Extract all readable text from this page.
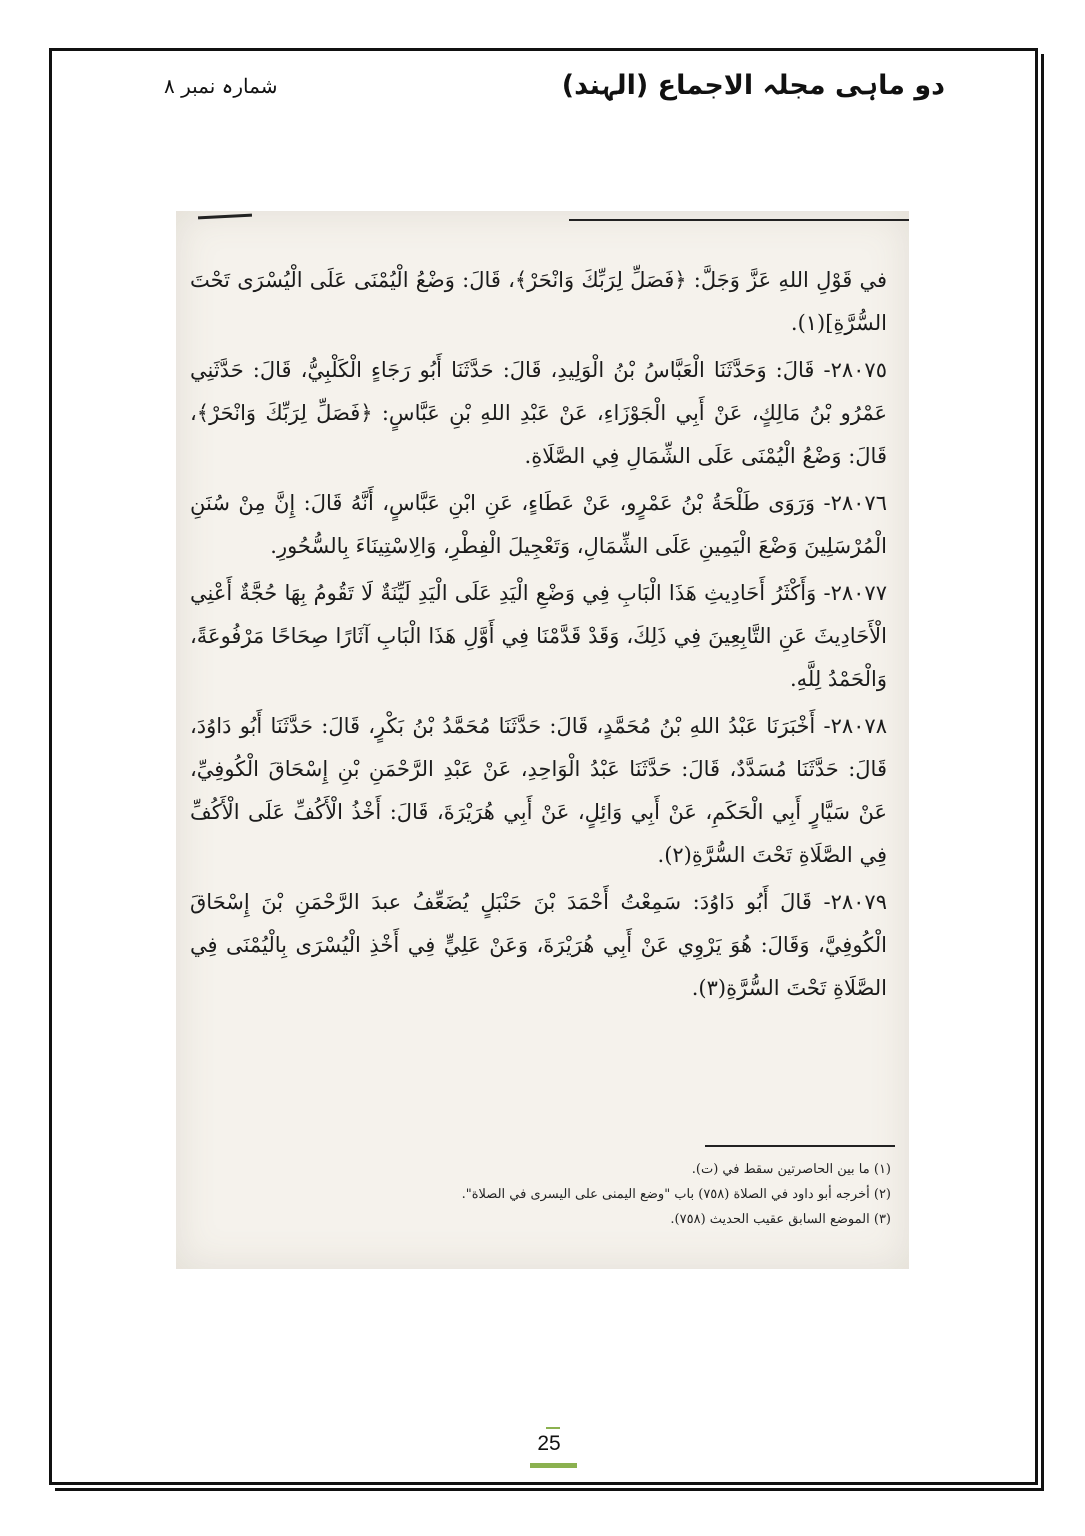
دو ماہی مجلہ الاجماع (الہند)
شمارہ نمبر ۸

في قَوْلِ اللهِ عَزَّ وَجَلَّ: ﴿فَصَلِّ لِرَبِّكَ وَانْحَرْ﴾، قَالَ: وَضْعُ الْيُمْنَى عَلَى الْيُسْرَى تَحْتَ السُّرَّةِ](١).

٢٨٠٧٥- قَالَ: وَحَدَّثَنَا الْعَبَّاسُ بْنُ الْوَلِيدِ، قَالَ: حَدَّثَنَا أَبُو رَجَاءٍ الْكَلْبِيُّ، قَالَ: حَدَّثَنِي عَمْرُو بْنُ مَالِكٍ، عَنْ أَبِي الْجَوْزَاءِ، عَنْ عَبْدِ اللهِ بْنِ عَبَّاسٍ: ﴿فَصَلِّ لِرَبِّكَ وَانْحَرْ﴾، قَالَ: وَضْعُ الْيُمْنَى عَلَى الشِّمَالِ فِي الصَّلَاةِ.

٢٨٠٧٦- وَرَوَى طَلْحَةُ بْنُ عَمْرٍو، عَنْ عَطَاءٍ، عَنِ ابْنِ عَبَّاسٍ، أَنَّهُ قَالَ: إِنَّ مِنْ سُنَنِ الْمُرْسَلِينَ وَضْعَ الْيَمِينِ عَلَى الشِّمَالِ، وَتَعْجِيلَ الْفِطْرِ، وَالِاسْتِينَاءَ بِالسُّحُورِ.

٢٨٠٧٧- وَأَكْثَرُ أَحَادِيثِ هَذَا الْبَابِ فِي وَضْعِ الْيَدِ عَلَى الْيَدِ لَيِّنَةٌ لَا تَقُومُ بِهَا حُجَّةٌ أَعْنِي الْأَحَادِيثَ عَنِ التَّابِعِينَ فِي ذَلِكَ، وَقَدْ قَدَّمْنَا فِي أَوَّلِ هَذَا الْبَابِ آثَارًا صِحَاحًا مَرْفُوعَةً، وَالْحَمْدُ لِلَّهِ.

٢٨٠٧٨- أَخْبَرَنَا عَبْدُ اللهِ بْنُ مُحَمَّدٍ، قَالَ: حَدَّثَنَا مُحَمَّدُ بْنُ بَكْرٍ، قَالَ: حَدَّثَنَا أَبُو دَاوُدَ، قَالَ: حَدَّثَنَا مُسَدَّدٌ، قَالَ: حَدَّثَنَا عَبْدُ الْوَاحِدِ، عَنْ عَبْدِ الرَّحْمَنِ بْنِ إِسْحَاقَ الْكُوفِيِّ، عَنْ سَيَّارٍ أَبِي الْحَكَمِ، عَنْ أَبِي وَائِلٍ، عَنْ أَبِي هُرَيْرَةَ، قَالَ: أَخْذُ الْأَكُفِّ عَلَى الْأَكُفِّ فِي الصَّلَاةِ تَحْتَ السُّرَّةِ(٢).

٢٨٠٧٩- قَالَ أَبُو دَاوُدَ: سَمِعْتُ أَحْمَدَ بْنَ حَنْبَلٍ يُضَعِّفُ عبدَ الرَّحْمَنِ بْنَ إِسْحَاقَ الْكُوفِيَّ، وَقَالَ: هُوَ يَرْوِي عَنْ أَبِي هُرَيْرَةَ، وَعَنْ عَلِيٍّ فِي أَخْذِ الْيُسْرَى بِالْيُمْنَى فِي الصَّلَاةِ تَحْتَ السُّرَّةِ(٣).

(١) ما بين الحاصرتين سقط في (ت).
(٢) أخرجه أبو داود في الصلاة (٧٥٨) باب "وضع اليمنى على اليسرى في الصلاة".
(٣) الموضع السابق عقيب الحديث (٧٥٨).
25
